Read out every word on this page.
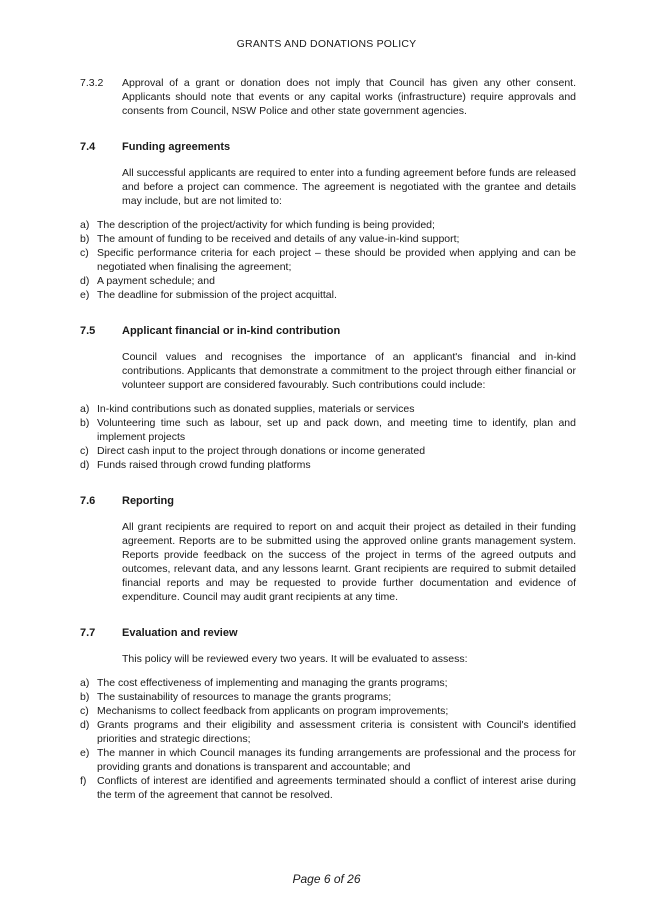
GRANTS AND DONATIONS POLICY
7.3.2	Approval of a grant or donation does not imply that Council has given any other consent. Applicants should note that events or any capital works (infrastructure) require approvals and consents from Council, NSW Police and other state government agencies.
7.4	Funding agreements
All successful applicants are required to enter into a funding agreement before funds are released and before a project can commence. The agreement is negotiated with the grantee and details may include, but are not limited to:
a) The description of the project/activity for which funding is being provided;
b) The amount of funding to be received and details of any value-in-kind support;
c) Specific performance criteria for each project – these should be provided when applying and can be negotiated when finalising the agreement;
d) A payment schedule; and
e) The deadline for submission of the project acquittal.
7.5	Applicant financial or in-kind contribution
Council values and recognises the importance of an applicant's financial and in-kind contributions. Applicants that demonstrate a commitment to the project through either financial or volunteer support are considered favourably. Such contributions could include:
a) In-kind contributions such as donated supplies, materials or services
b) Volunteering time such as labour, set up and pack down, and meeting time to identify, plan and implement projects
c) Direct cash input to the project through donations or income generated
d) Funds raised through crowd funding platforms
7.6	Reporting
All grant recipients are required to report on and acquit their project as detailed in their funding agreement. Reports are to be submitted using the approved online grants management system. Reports provide feedback on the success of the project in terms of the agreed outputs and outcomes, relevant data, and any lessons learnt. Grant recipients are required to submit detailed financial reports and may be requested to provide further documentation and evidence of expenditure. Council may audit grant recipients at any time.
7.7	Evaluation and review
This policy will be reviewed every two years. It will be evaluated to assess:
a) The cost effectiveness of implementing and managing the grants programs;
b) The sustainability of resources to manage the grants programs;
c) Mechanisms to collect feedback from applicants on program improvements;
d) Grants programs and their eligibility and assessment criteria is consistent with Council's identified priorities and strategic directions;
e) The manner in which Council manages its funding arrangements are professional and the process for providing grants and donations is transparent and accountable; and
f)	Conflicts of interest are identified and agreements terminated should a conflict of interest arise during the term of the agreement that cannot be resolved.
Page 6 of 26
